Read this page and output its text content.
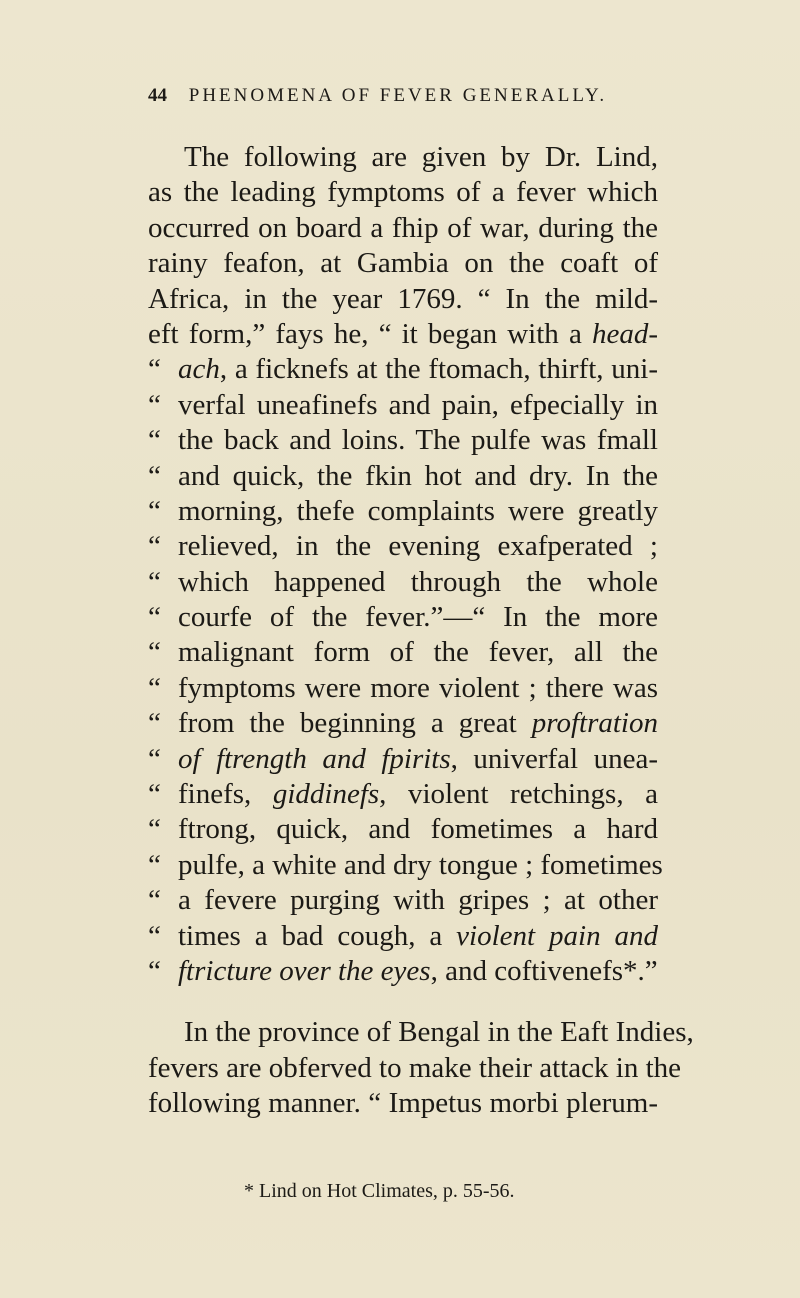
44 PHENOMENA OF FEVER GENERALLY.
The following are given by Dr. Lind,
as the leading fymptoms of a fever which
occurred on board a fhip of war, during the
rainy feafon, at Gambia on the coaft of
Africa, in the year 1769. “ In the mild-
eft form,” fays he, “ it began with a head-
“ ach, a ficknefs at the ftomach, thirft, uni-
“ verfal uneafinefs and pain, efpecially in
“ the back and loins. The pulfe was fmall
“ and quick, the fkin hot and dry. In the
“ morning, thefe complaints were greatly
“ relieved, in the evening exafperated ;
“ which happened through the whole
“ courfe of the fever.”—“ In the more
“ malignant form of the fever, all the
“ fymptoms were more violent ; there was
“ from the beginning a great proftration
“ of ftrength and fpirits, univerfal unea-
“ finefs, giddinefs, violent retchings, a
“ ftrong, quick, and fometimes a hard
“ pulfe, a white and dry tongue ; fometimes
“ a fevere purging with gripes ; at other
“ times a bad cough, a violent pain and
“ ftricture over the eyes, and coftivenefs*.”
In the province of Bengal in the Eaft Indies,
fevers are obferved to make their attack in the
following manner. “ Impetus morbi plerum-
* Lind on Hot Climates, p. 55-56.
